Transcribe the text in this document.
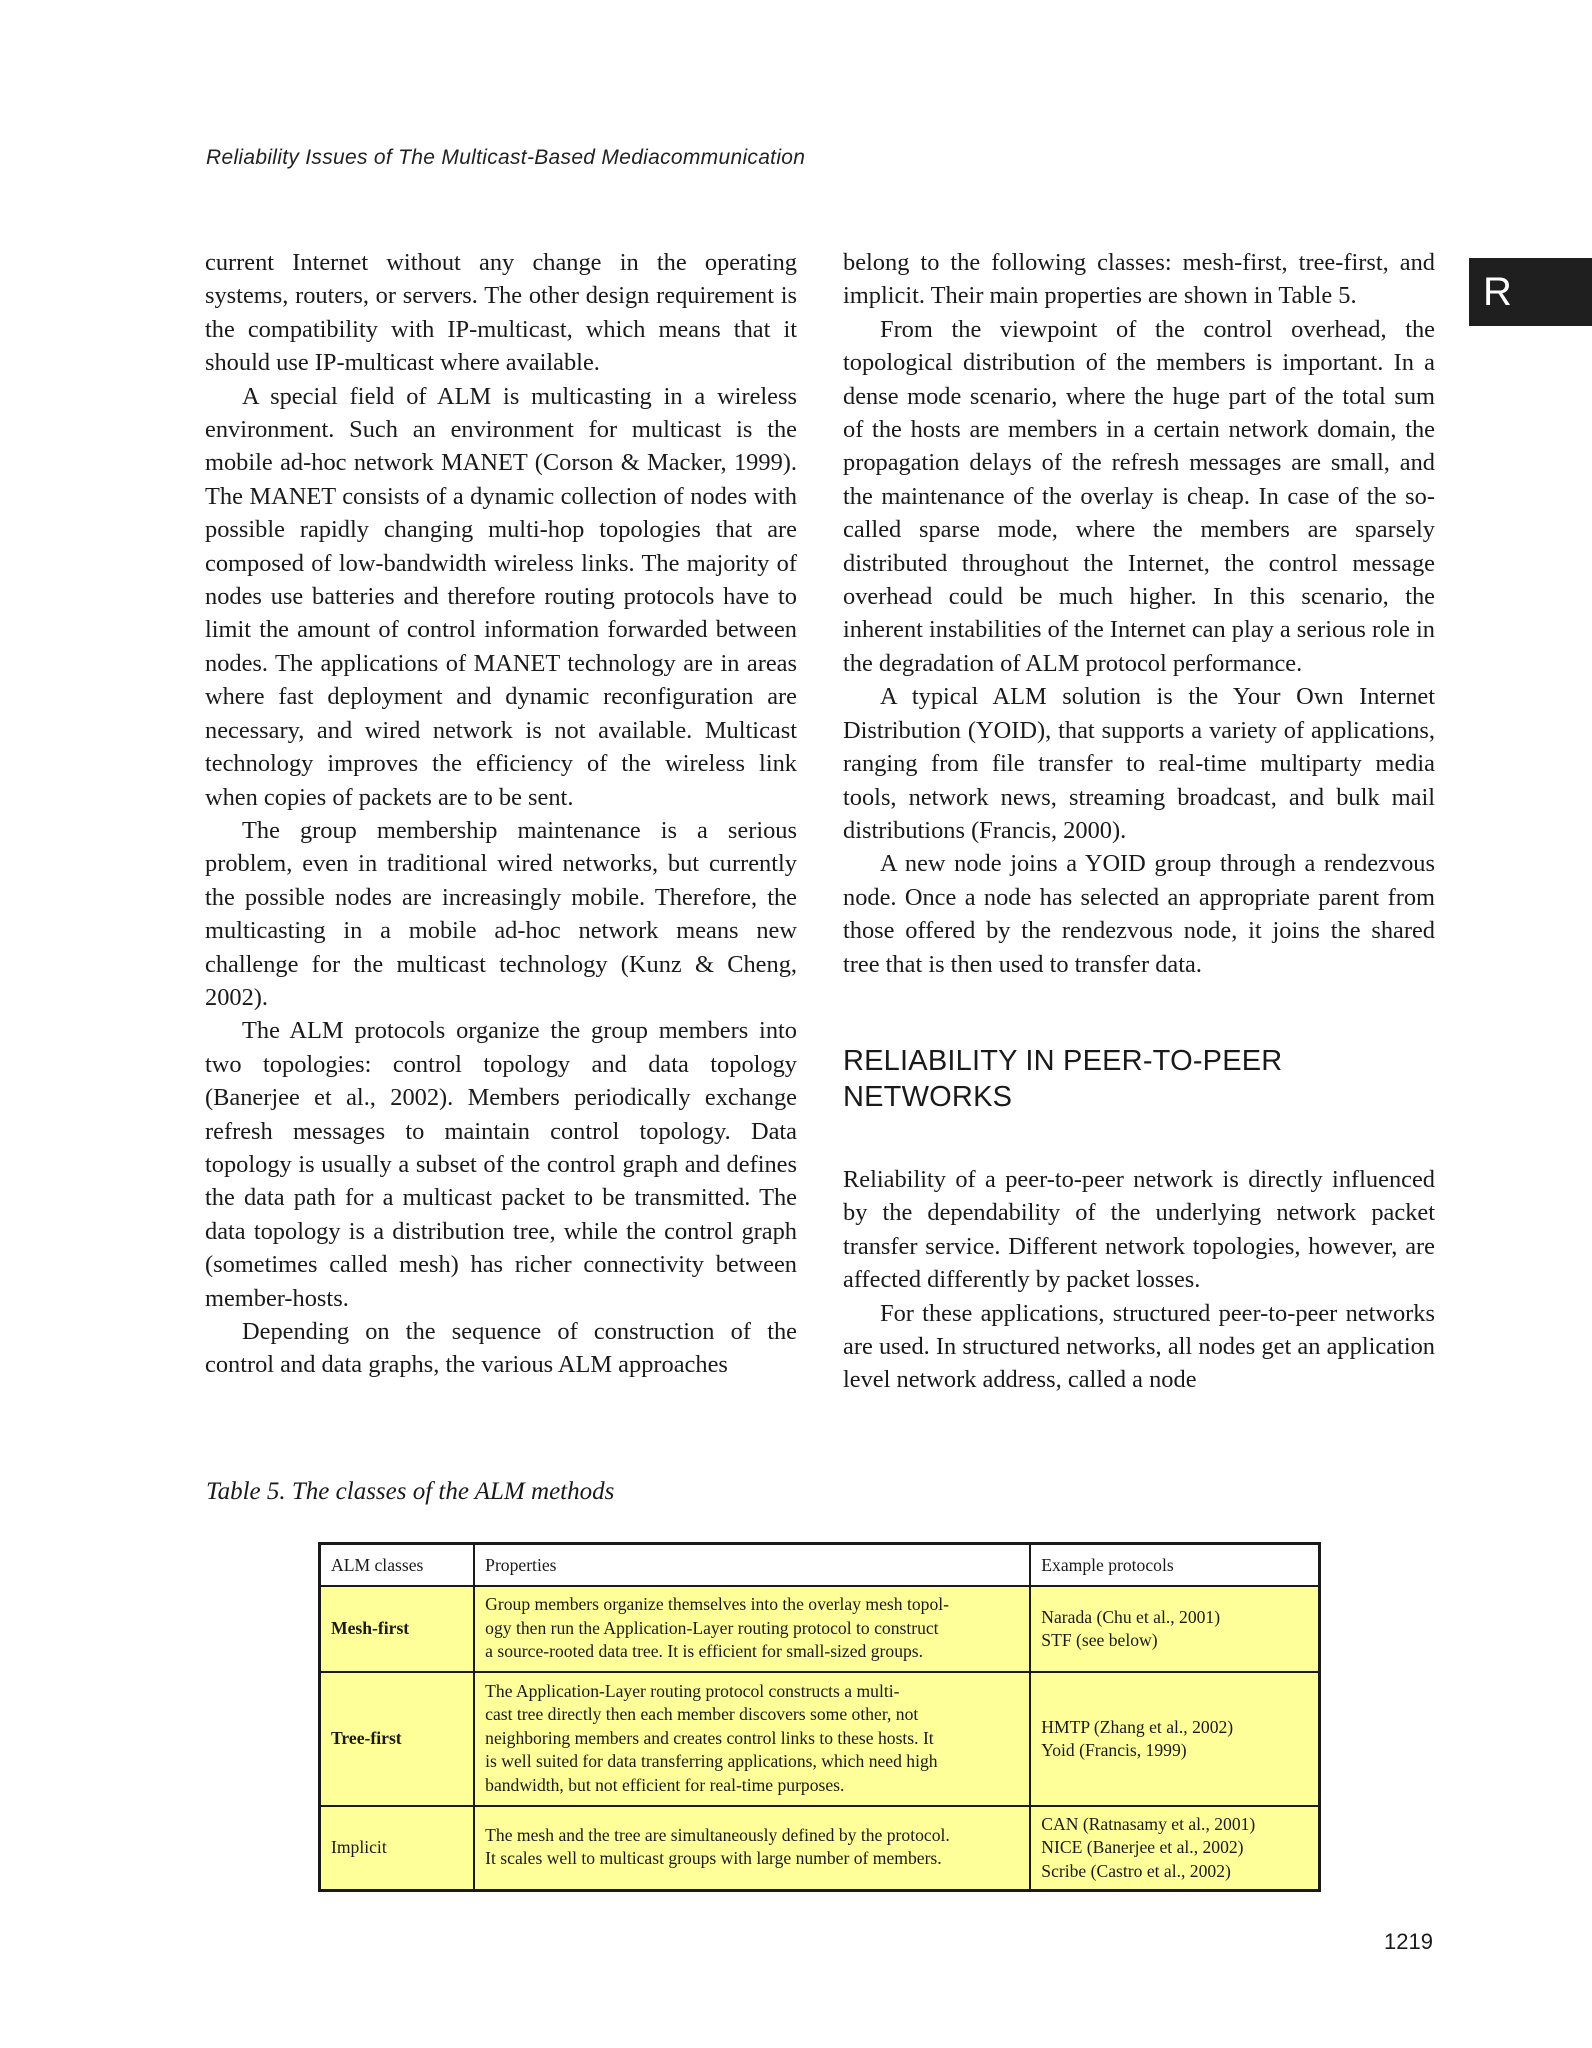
Reliability Issues of The Multicast-Based Mediacommunication
R

current Internet without any change in the operating systems, routers, or servers. The other design requirement is the compatibility with IP-multicast, which means that it should use IP-multicast where available.

A special field of ALM is multicasting in a wireless environment. Such an environment for multicast is the mobile ad-hoc network MANET (Corson & Macker, 1999). The MANET consists of a dynamic collection of nodes with possible rapidly changing multi-hop topologies that are composed of low-bandwidth wireless links. The majority of nodes use batteries and therefore routing protocols have to limit the amount of control information forwarded between nodes. The applications of MANET technology are in areas where fast deployment and dynamic reconfiguration are necessary, and wired network is not available. Multicast technology improves the efficiency of the wireless link when copies of packets are to be sent.

The group membership maintenance is a serious problem, even in traditional wired networks, but currently the possible nodes are increasingly mobile. Therefore, the multicasting in a mobile ad-hoc network means new challenge for the multicast technology (Kunz & Cheng, 2002).

The ALM protocols organize the group members into two topologies: control topology and data topology (Banerjee et al., 2002). Members periodically exchange refresh messages to maintain control topology. Data topology is usually a subset of the control graph and defines the data path for a multicast packet to be transmitted. The data topology is a distribution tree, while the control graph (sometimes called mesh) has richer connectivity between member-hosts.

Depending on the sequence of construction of the control and data graphs, the various ALM approaches

belong to the following classes: mesh-first, tree-first, and implicit. Their main properties are shown in Table 5.

From the viewpoint of the control overhead, the topological distribution of the members is important. In a dense mode scenario, where the huge part of the total sum of the hosts are members in a certain network domain, the propagation delays of the refresh messages are small, and the maintenance of the overlay is cheap. In case of the so-called sparse mode, where the members are sparsely distributed throughout the Internet, the control message overhead could be much higher. In this scenario, the inherent instabilities of the Internet can play a serious role in the degradation of ALM protocol performance.

A typical ALM solution is the Your Own Internet Distribution (YOID), that supports a variety of applications, ranging from file transfer to real-time multiparty media tools, network news, streaming broadcast, and bulk mail distributions (Francis, 2000).

A new node joins a YOID group through a rendezvous node. Once a node has selected an appropriate parent from those offered by the rendezvous node, it joins the shared tree that is then used to transfer data.

RELIABILITY IN PEER-TO-PEER
NETWORKS

Reliability of a peer-to-peer network is directly influenced by the dependability of the underlying network packet transfer service. Different network topologies, however, are affected differently by packet losses.

For these applications, structured peer-to-peer networks are used. In structured networks, all nodes get an application level network address, called a node

Table 5. The classes of the ALM methods
ALM classes	Properties	Example protocols
Mesh-first	Group members organize themselves into the overlay mesh topol-
ogy then run the Application-Layer routing protocol to construct
a source-rooted data tree. It is efficient for small-sized groups.	Narada (Chu et al., 2001)
STF (see below)

Tree-first	The Application-Layer routing protocol constructs a multi-
cast tree directly then each member discovers some other, not
neighboring members and creates control links to these hosts. It
is well suited for data transferring applications, which need high
bandwidth, but not efficient for real-time purposes.	HMTP (Zhang et al., 2002)
Yoid (Francis, 1999)

Implicit	The mesh and the tree are simultaneously defined by the protocol.
It scales well to multicast groups with large number of members.	CAN (Ratnasamy et al., 2001)
NICE (Banerjee et al., 2002)
Scribe (Castro et al., 2002)
1219
